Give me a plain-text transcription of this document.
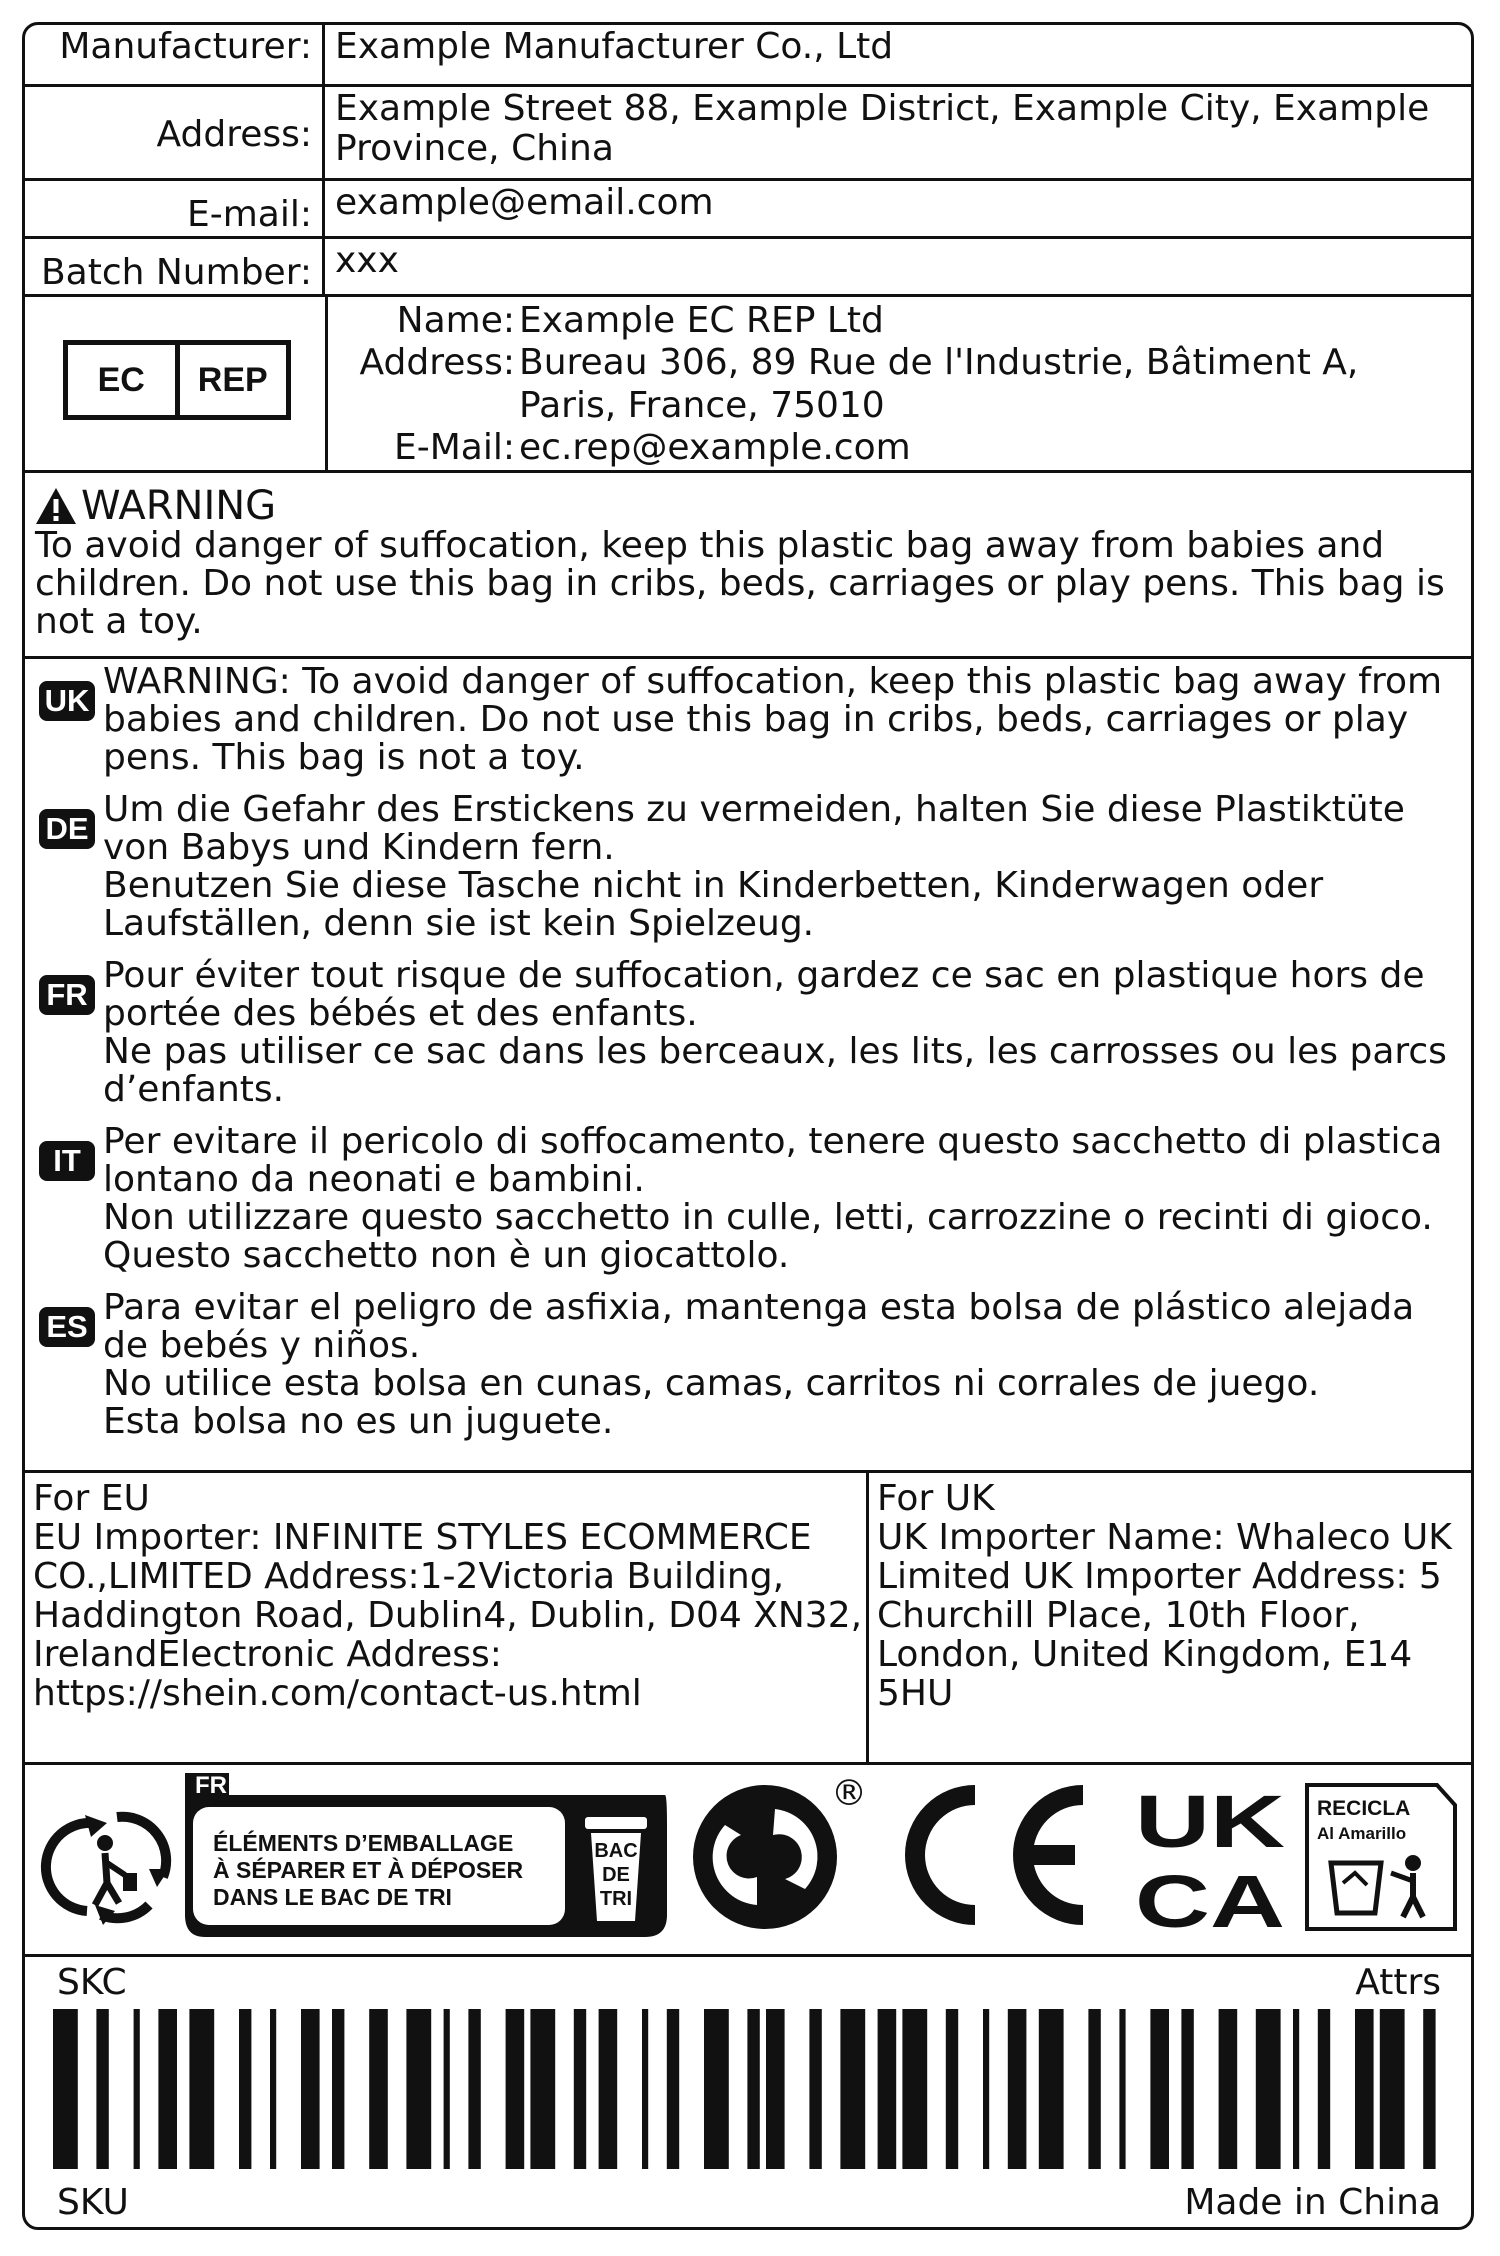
Manufacturer: Example Manufacturer Co., Ltd
Address:
Example Street 88, Example District, Example City, Example Province, China
E-mail: example@email.com
Batch Number: xxx
EC	REP
Name: Example EC REP Ltd
Address: Bureau 306, 89 Rue de l'Industrie, Bâtiment A,
Paris, France, 75010
E-Mail: ec.rep@example.com
WARNING
To avoid danger of suffocation, keep this plastic bag away from babies and children. Do not use this bag in cribs, beds, carriages or play pens. This bag is not a toy.
UK WARNING: To avoid danger of suffocation, keep this plastic bag away from babies and children. Do not use this bag in cribs, beds, carriages or play pens. This bag is not a toy.

DE Um die Gefahr des Erstickens zu vermeiden, halten Sie diese Plastiktüte von Babys und Kindern fern.

Benutzen Sie diese Tasche nicht in Kinderbetten, Kinderwagen oder Laufställen, denn sie ist kein Spielzeug.

FR Pour éviter tout risque de suffocation, gardez ce sac en plastique hors de portée des bébés et des enfants.

Ne pas utiliser ce sac dans les berceaux, les lits, les carrosses ou les parcs d’enfants.

IT Per evitare il pericolo di soffocamento, tenere questo sacchetto di plastica lontano da neonati e bambini.

Non utilizzare questo sacchetto in culle, letti, carrozzine o recinti di gioco. Questo sacchetto non è un giocattolo.

ES Para evitar el peligro de asfixia, mantenga esta bolsa de plástico alejada de bebés y niños.

No utilice esta bolsa en cunas, camas, carritos ni corrales de juego.

Esta bolsa no es un juguete.

For EU
EU Importer: INFINITE STYLES ECOMMERCE CO.,LIMITED Address:1-2Victoria Building, Haddington Road, Dublin4, Dublin, D04 XN32, IrelandElectronic Address: https://shein.com/contact-us.html
For UK
UK Importer Name: Whaleco UK Limited UK Importer Address: 5 Churchill Place, 10th Floor, London, United Kingdom, E14 5HU
FR
ÉLÉMENTS D’EMBALLAGE
À SÉPARER ET À DÉPOSER
DANS LE BAC DE TRI
BAC
DE
TRI
®
CE
UK
CA
RECICLA
Al Amarillo
SKC	Attrs
SKU	Made in China
